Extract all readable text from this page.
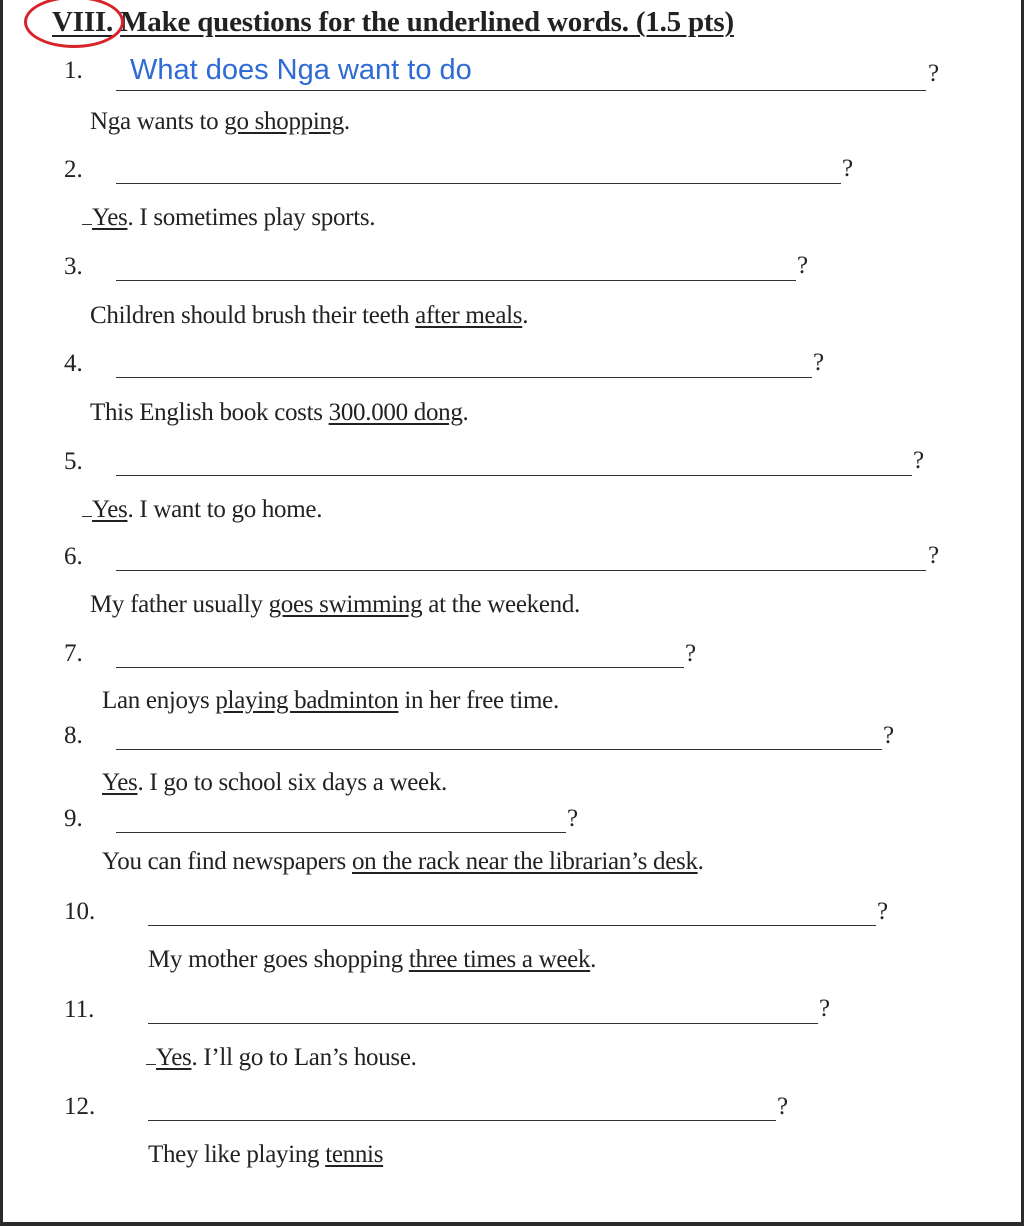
VIII. Make questions for the underlined words. (1.5 pts)
1. What does Nga want to do	?
Nga wants to go shopping.
2.	?
Yes. I sometimes play sports.
3.	?
Children should brush their teeth after meals.
4.	?
This English book costs 300.000 dong.
5.	?
Yes. I want to go home.
6.	?
My father usually goes swimming at the weekend.
7.	?
Lan enjoys playing badminton in her free time.
8.	?
Yes. I go to school six days a week.
9.	?
You can find newspapers on the rack near the librarian’s desk.
10.	?
My mother goes shopping three times a week.
11.	?
Yes. I’ll go to Lan’s house.
12.	?
They like playing tennis
